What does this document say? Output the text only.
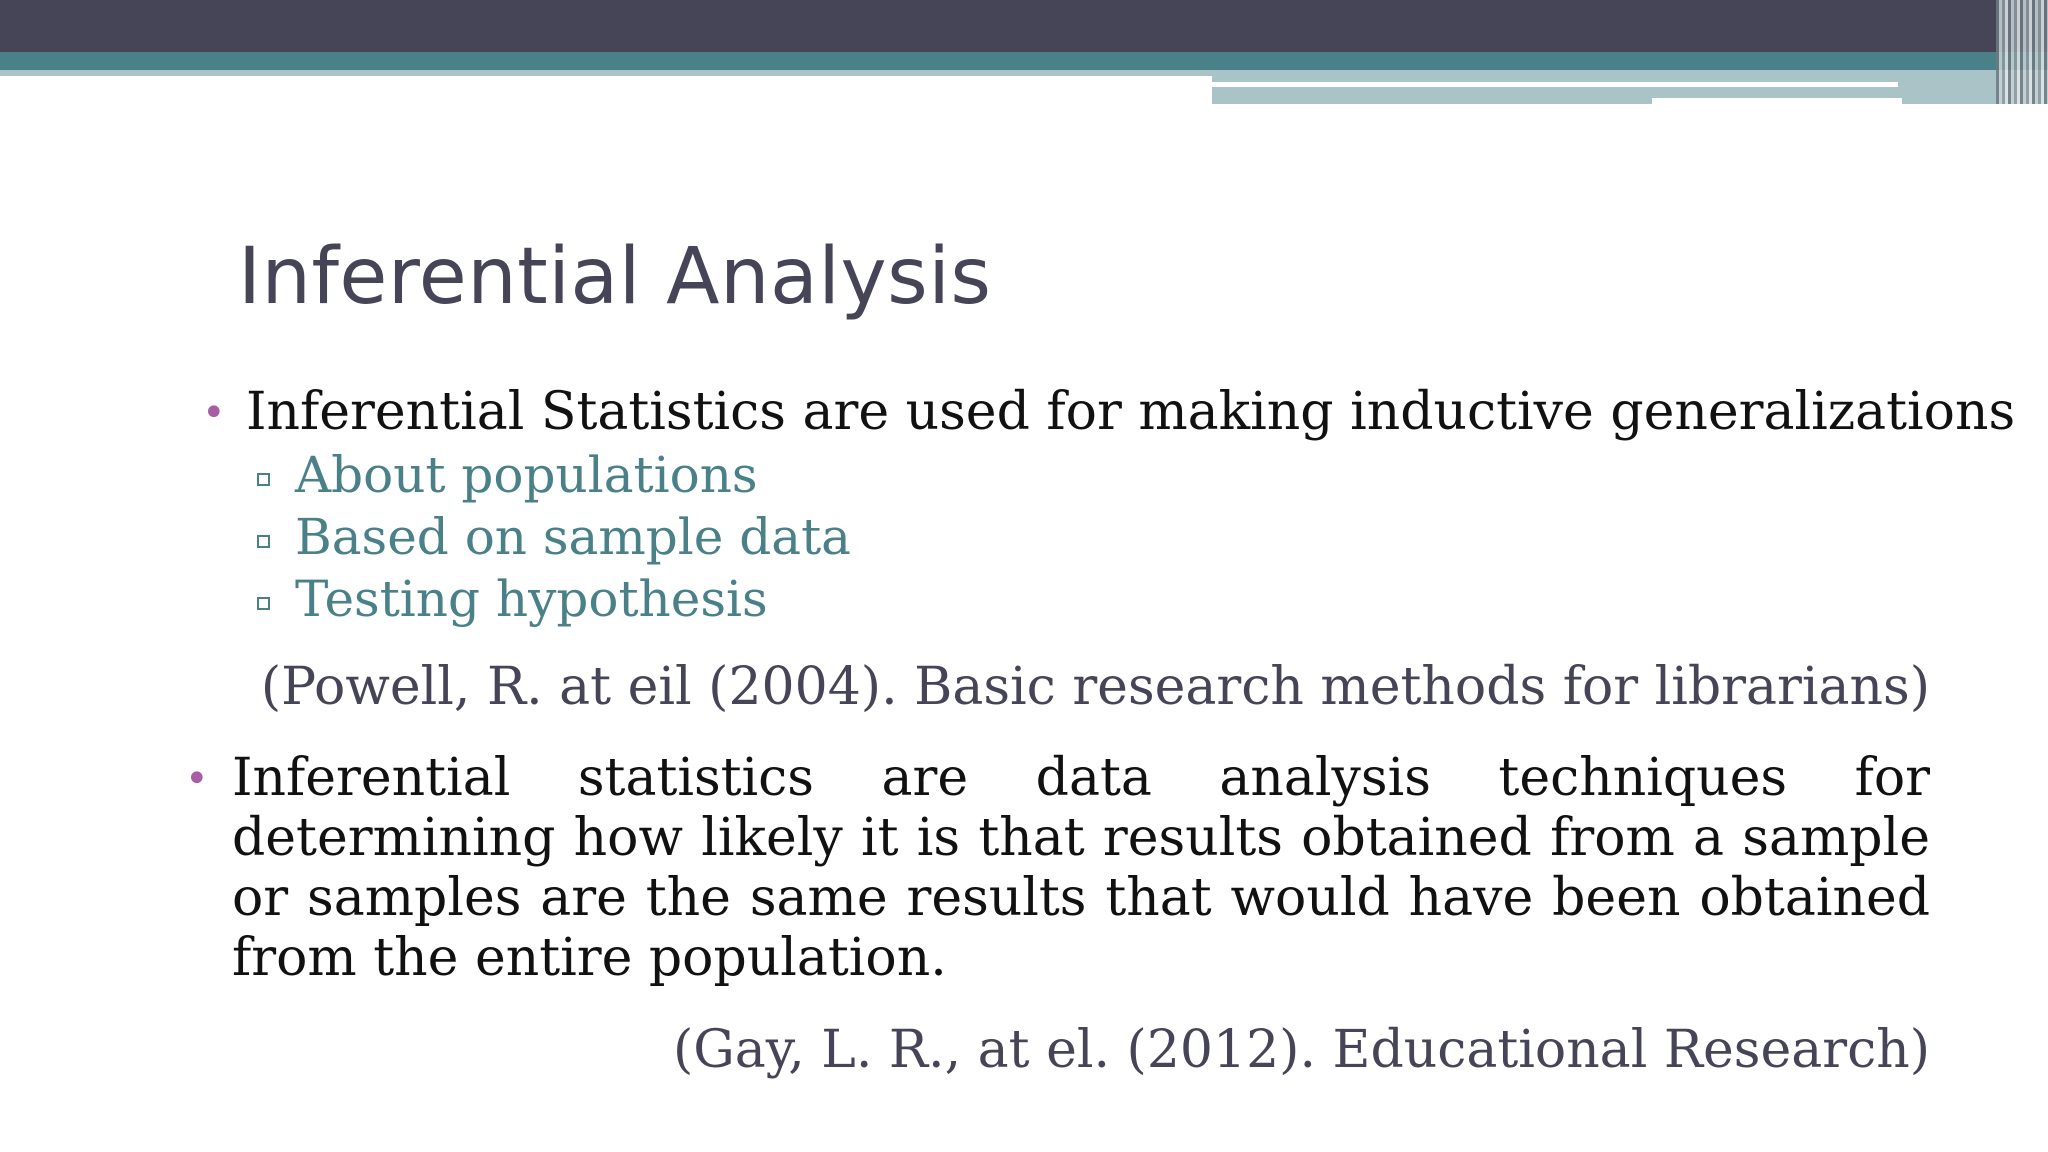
Inferential Analysis
• Inferential Statistics are used for making inductive generalizations
About populations
Based on sample data
Testing hypothesis
(Powell, R. at eil (2004). Basic research methods for librarians)
• Inferential statistics are data analysis techniques for determining how likely it is that results obtained from a sample or samples are the same results that would have been obtained from the entire population.
(Gay, L. R., at el. (2012). Educational Research)
